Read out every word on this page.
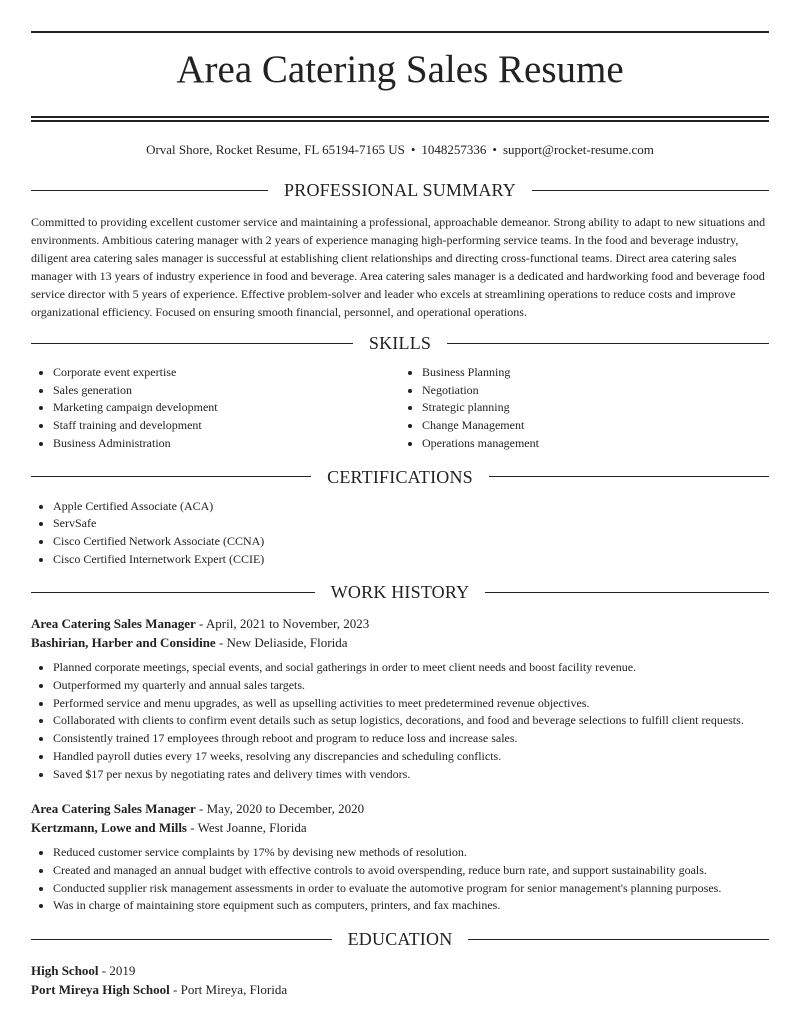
Area Catering Sales Resume
Orval Shore, Rocket Resume, FL 65194-7165 US • 1048257336 • support@rocket-resume.com
PROFESSIONAL SUMMARY

Committed to providing excellent customer service and maintaining a professional, approachable demeanor. Strong ability to adapt to new situations and environments. Ambitious catering manager with 2 years of experience managing high-performing service teams. In the food and beverage industry, diligent area catering sales manager is successful at establishing client relationships and directing cross-functional teams. Direct area catering sales manager with 13 years of industry experience in food and beverage. Area catering sales manager is a dedicated and hardworking food and beverage food service director with 5 years of experience. Effective problem-solver and leader who excels at streamlining operations to reduce costs and improve organizational efficiency. Focused on ensuring smooth financial, personnel, and operational operations.

SKILLS
• Corporate event expertise
• Sales generation
• Marketing campaign development
• Staff training and development
• Business Administration
• Business Planning
• Negotiation
• Strategic planning
• Change Management
• Operations management
CERTIFICATIONS
• Apple Certified Associate (ACA)
• ServSafe
• Cisco Certified Network Associate (CCNA)
• Cisco Certified Internetwork Expert (CCIE)
WORK HISTORY
Area Catering Sales Manager - April, 2021 to November, 2023
Bashirian, Harber and Considine - New Deliaside, Florida
• Planned corporate meetings, special events, and social gatherings in order to meet client needs and boost facility revenue.
• Outperformed my quarterly and annual sales targets.
• Performed service and menu upgrades, as well as upselling activities to meet predetermined revenue objectives.
• Collaborated with clients to confirm event details such as setup logistics, decorations, and food and beverage selections to fulfill client requests.
• Consistently trained 17 employees through reboot and program to reduce loss and increase sales.
• Handled payroll duties every 17 weeks, resolving any discrepancies and scheduling conflicts.
• Saved $17 per nexus by negotiating rates and delivery times with vendors.
Area Catering Sales Manager - May, 2020 to December, 2020
Kertzmann, Lowe and Mills - West Joanne, Florida
• Reduced customer service complaints by 17% by devising new methods of resolution.
• Created and managed an annual budget with effective controls to avoid overspending, reduce burn rate, and support sustainability goals.
• Conducted supplier risk management assessments in order to evaluate the automotive program for senior management's planning purposes.
• Was in charge of maintaining store equipment such as computers, printers, and fax machines.
EDUCATION
High School - 2019
Port Mireya High School - Port Mireya, Florida
